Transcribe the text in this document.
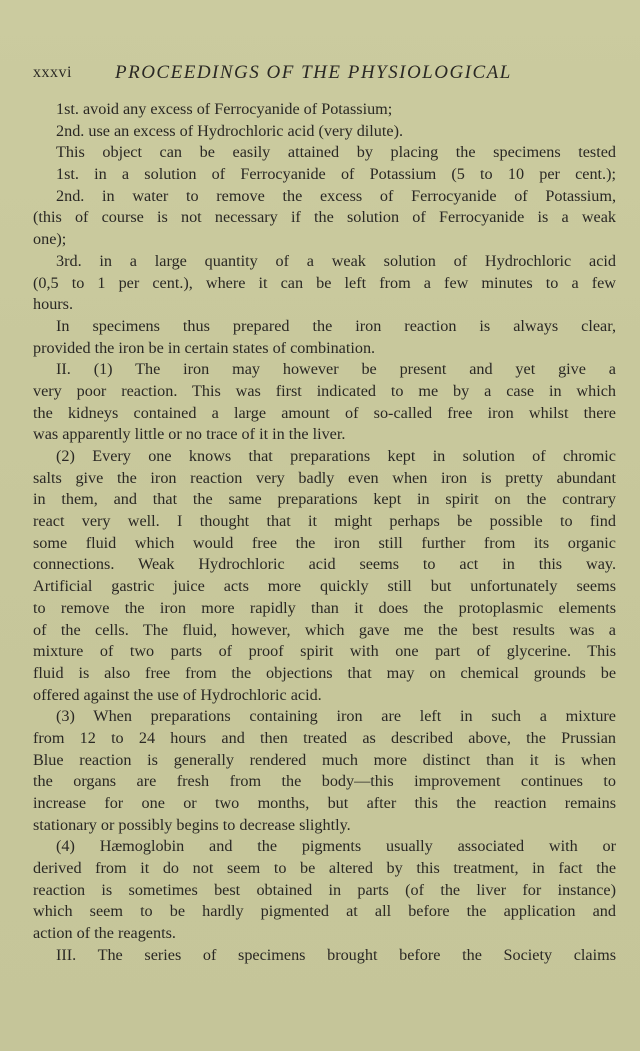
xxxvi PROCEEDINGS OF THE PHYSIOLOGICAL
1st. avoid any excess of Ferrocyanide of Potassium;
2nd. use an excess of Hydrochloric acid (very dilute).
This object can be easily attained by placing the specimens tested
1st. in a solution of Ferrocyanide of Potassium (5 to 10 per cent.);
2nd. in water to remove the excess of Ferrocyanide of Potassium,
(this of course is not necessary if the solution of Ferrocyanide is a weak
one);
3rd. in a large quantity of a weak solution of Hydrochloric acid
(0,5 to 1 per cent.), where it can be left from a few minutes to a few
hours.
In specimens thus prepared the iron reaction is always clear,
provided the iron be in certain states of combination.
II. (1) The iron may however be present and yet give a
very poor reaction. This was first indicated to me by a case in which
the kidneys contained a large amount of so-called free iron whilst there
was apparently little or no trace of it in the liver.
(2) Every one knows that preparations kept in solution of chromic
salts give the iron reaction very badly even when iron is pretty abundant
in them, and that the same preparations kept in spirit on the contrary
react very well. I thought that it might perhaps be possible to find
some fluid which would free the iron still further from its organic
connections. Weak Hydrochloric acid seems to act in this way.
Artificial gastric juice acts more quickly still but unfortunately seems
to remove the iron more rapidly than it does the protoplasmic elements
of the cells. The fluid, however, which gave me the best results was a
mixture of two parts of proof spirit with one part of glycerine. This
fluid is also free from the objections that may on chemical grounds be
offered against the use of Hydrochloric acid.
(3) When preparations containing iron are left in such a mixture
from 12 to 24 hours and then treated as described above, the Prussian
Blue reaction is generally rendered much more distinct than it is when
the organs are fresh from the body—this improvement continues to
increase for one or two months, but after this the reaction remains
stationary or possibly begins to decrease slightly.
(4) Hæmoglobin and the pigments usually associated with or
derived from it do not seem to be altered by this treatment, in fact the
reaction is sometimes best obtained in parts (of the liver for instance)
which seem to be hardly pigmented at all before the application and
action of the reagents.
III. The series of specimens brought before the Society claims
